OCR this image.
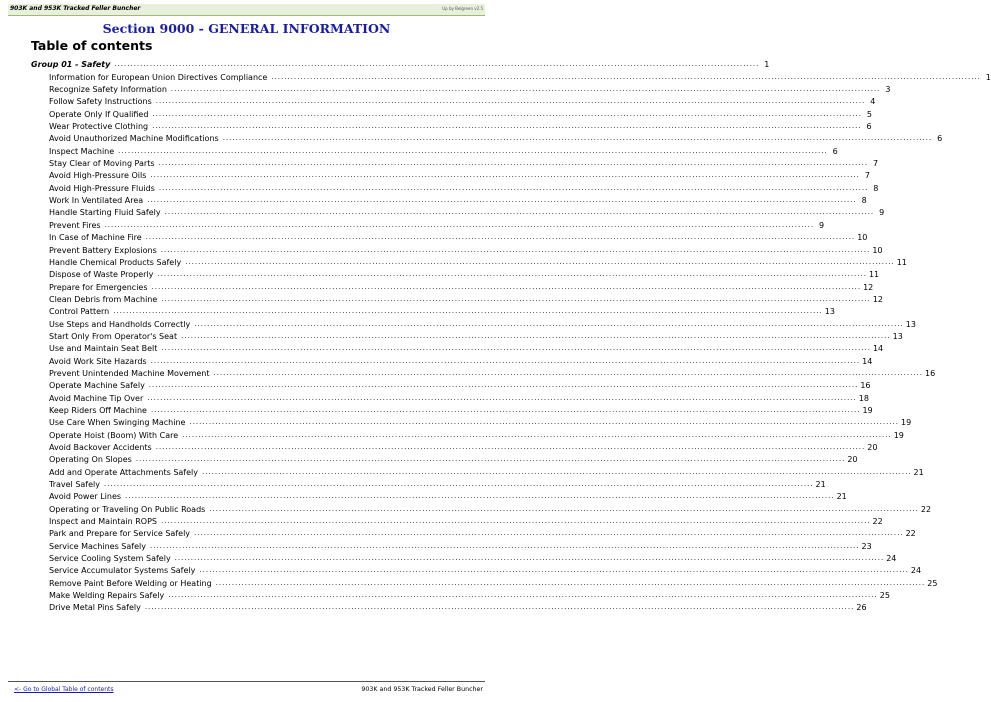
903K and 953K Tracked Feller Buncher	Up by Belgreen v2.5
Section 9000 - GENERAL INFORMATION
Table of contents
Group 01 - Safety ........................................................................................................................................................................................................ 1
Information for European Union Directives Compliance ............................................................................................................................................................................................................................ 1
Recognize Safety Information ............................................................................................................................................................................................................................ 3
Follow Safety Instructions ............................................................................................................................................................................................................................ 4
Operate Only If Qualified ............................................................................................................................................................................................................................ 5
Wear Protective Clothing ............................................................................................................................................................................................................................ 6
Avoid Unauthorized Machine Modifications ............................................................................................................................................................................................................................ 6
Inspect Machine ............................................................................................................................................................................................................................ 6
Stay Clear of Moving Parts ............................................................................................................................................................................................................................ 7
Avoid High-Pressure Oils ............................................................................................................................................................................................................................ 7
Avoid High-Pressure Fluids ............................................................................................................................................................................................................................ 8
Work In Ventilated Area ............................................................................................................................................................................................................................ 8
Handle Starting Fluid Safely ............................................................................................................................................................................................................................ 9
Prevent Fires ............................................................................................................................................................................................................................ 9
In Case of Machine Fire ............................................................................................................................................................................................................................ 10
Prevent Battery Explosions ............................................................................................................................................................................................................................ 10
Handle Chemical Products Safely ............................................................................................................................................................................................................................ 11
Dispose of Waste Properly ............................................................................................................................................................................................................................ 11
Prepare for Emergencies ............................................................................................................................................................................................................................ 12
Clean Debris from Machine ............................................................................................................................................................................................................................ 12
Control Pattern ............................................................................................................................................................................................................................ 13
Use Steps and Handholds Correctly ............................................................................................................................................................................................................................ 13
Start Only From Operator's Seat ............................................................................................................................................................................................................................ 13
Use and Maintain Seat Belt ............................................................................................................................................................................................................................ 14
Avoid Work Site Hazards ............................................................................................................................................................................................................................ 14
Prevent Unintended Machine Movement ............................................................................................................................................................................................................................ 16
Operate Machine Safely ............................................................................................................................................................................................................................ 16
Avoid Machine Tip Over ............................................................................................................................................................................................................................ 18
Keep Riders Off Machine ............................................................................................................................................................................................................................ 19
Use Care When Swinging Machine ............................................................................................................................................................................................................................ 19
Operate Hoist (Boom) With Care ............................................................................................................................................................................................................................ 19
Avoid Backover Accidents ............................................................................................................................................................................................................................ 20
Operating On Slopes ............................................................................................................................................................................................................................ 20
Add and Operate Attachments Safely ............................................................................................................................................................................................................................ 21
Travel Safely ............................................................................................................................................................................................................................ 21
Avoid Power Lines ............................................................................................................................................................................................................................ 21
Operating or Traveling On Public Roads ............................................................................................................................................................................................................................ 22
Inspect and Maintain ROPS ............................................................................................................................................................................................................................ 22
Park and Prepare for Service Safely ............................................................................................................................................................................................................................ 22
Service Machines Safely ............................................................................................................................................................................................................................ 23
Service Cooling System Safely ............................................................................................................................................................................................................................ 24
Service Accumulator Systems Safely ............................................................................................................................................................................................................................ 24
Remove Paint Before Welding or Heating ............................................................................................................................................................................................................................ 25
Make Welding Repairs Safely ............................................................................................................................................................................................................................ 25
Drive Metal Pins Safely ............................................................................................................................................................................................................................ 26
<- Go to Global Table of contents	903K and 953K Tracked Feller Buncher
